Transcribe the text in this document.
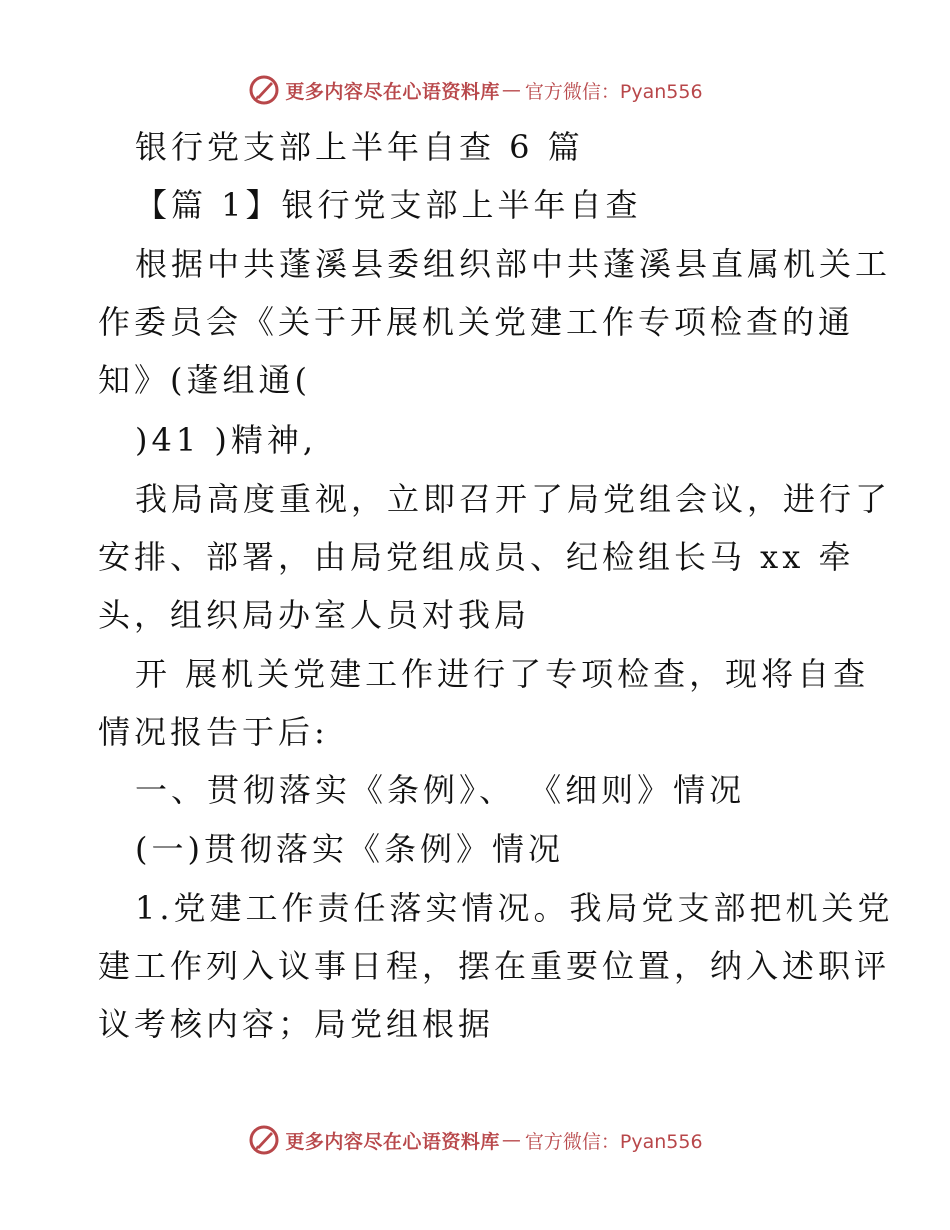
更多内容尽在心语资料库 — 官方微信：Pyan556
银行党支部上半年自查 6 篇
【篇 1】银行党支部上半年自查
根据中共蓬溪县委组织部中共蓬溪县直属机关工
作委员会《关于开展机关党建工作专项检查的通
知》(蓬组通(
)41 )精神,
我局高度重视，立即召开了局党组会议，进行了
安排、部署，由局党组成员、纪检组长马 xx 牵
头，组织局办室人员对我局
开 展机关党建工作进行了专项检查，现将自查
情况报告于后:
一、贯彻落实《条例》、 《细则》情况
(一)贯彻落实《条例》情况
1.党建工作责任落实情况。我局党支部把机关党
建工作列入议事日程，摆在重要位置，纳入述职评
议考核内容；局党组根据
更多内容尽在心语资料库 — 官方微信：Pyan556
